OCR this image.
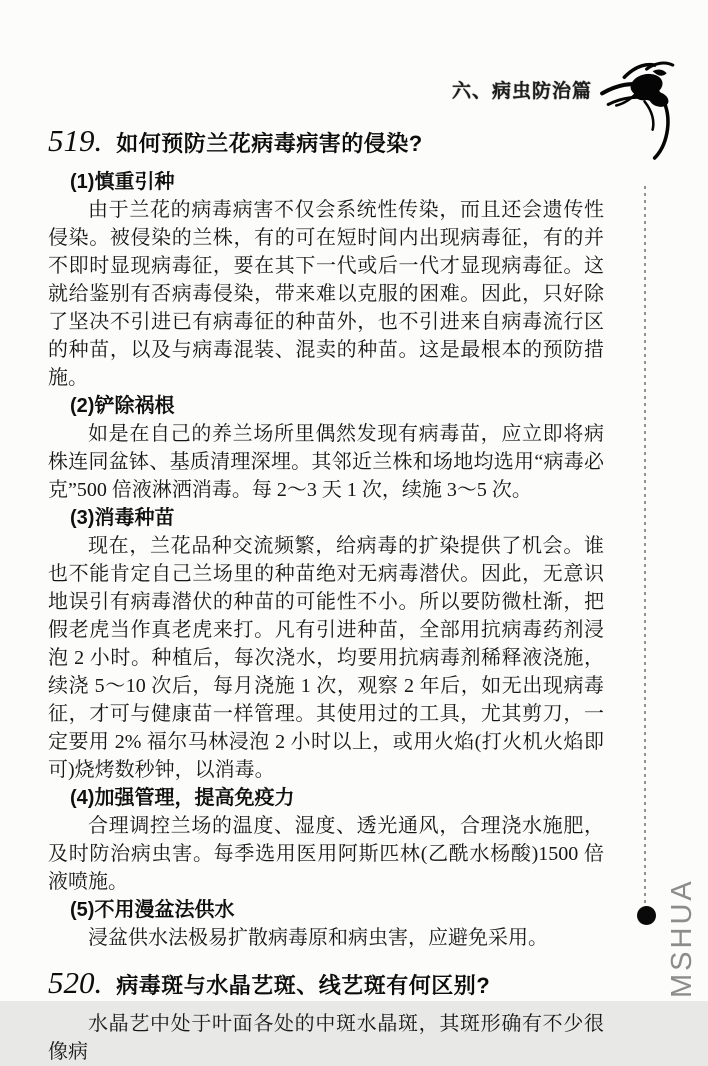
六、病虫防治篇
519. 如何预防兰花病毒病害的侵染?
(1)慎重引种

由于兰花的病毒病害不仅会系统性传染，而且还会遗传性侵染。被侵染的兰株，有的可在短时间内出现病毒征，有的并不即时显现病毒征，要在其下一代或后一代才显现病毒征。这就给鉴别有否病毒侵染，带来难以克服的困难。因此，只好除了坚决不引进已有病毒征的种苗外，也不引进来自病毒流行区的种苗，以及与病毒混装、混卖的种苗。这是最根本的预防措施。

(2)铲除祸根

如是在自己的养兰场所里偶然发现有病毒苗，应立即将病株连同盆钵、基质清理深埋。其邻近兰株和场地均选用“病毒必克”500 倍液淋洒消毒。每 2～3 天 1 次，续施 3～5 次。

(3)消毒种苗

现在，兰花品种交流频繁，给病毒的扩染提供了机会。谁也不能肯定自己兰场里的种苗绝对无病毒潜伏。因此，无意识地误引有病毒潜伏的种苗的可能性不小。所以要防微杜渐，把假老虎当作真老虎来打。凡有引进种苗，全部用抗病毒药剂浸泡 2 小时。种植后，每次浇水，均要用抗病毒剂稀释液浇施，续浇 5～10 次后，每月浇施 1 次，观察 2 年后，如无出现病毒征，才可与健康苗一样管理。其使用过的工具，尤其剪刀，一定要用 2% 福尔马林浸泡 2 小时以上，或用火焰(打火机火焰即可)烧烤数秒钟，以消毒。

(4)加强管理，提高免疫力

合理调控兰场的温度、湿度、透光通风，合理浇水施肥，及时防治病虫害。每季选用医用阿斯匹林(乙酰水杨酸)1500 倍液喷施。

(5)不用漫盆法供水

浸盆供水法极易扩散病毒原和病虫害，应避免采用。

520. 病毒斑与水晶艺斑、线艺斑有何区别?

水晶艺中处于叶面各处的中斑水晶斑，其斑形确有不少很像病

MSHUA
